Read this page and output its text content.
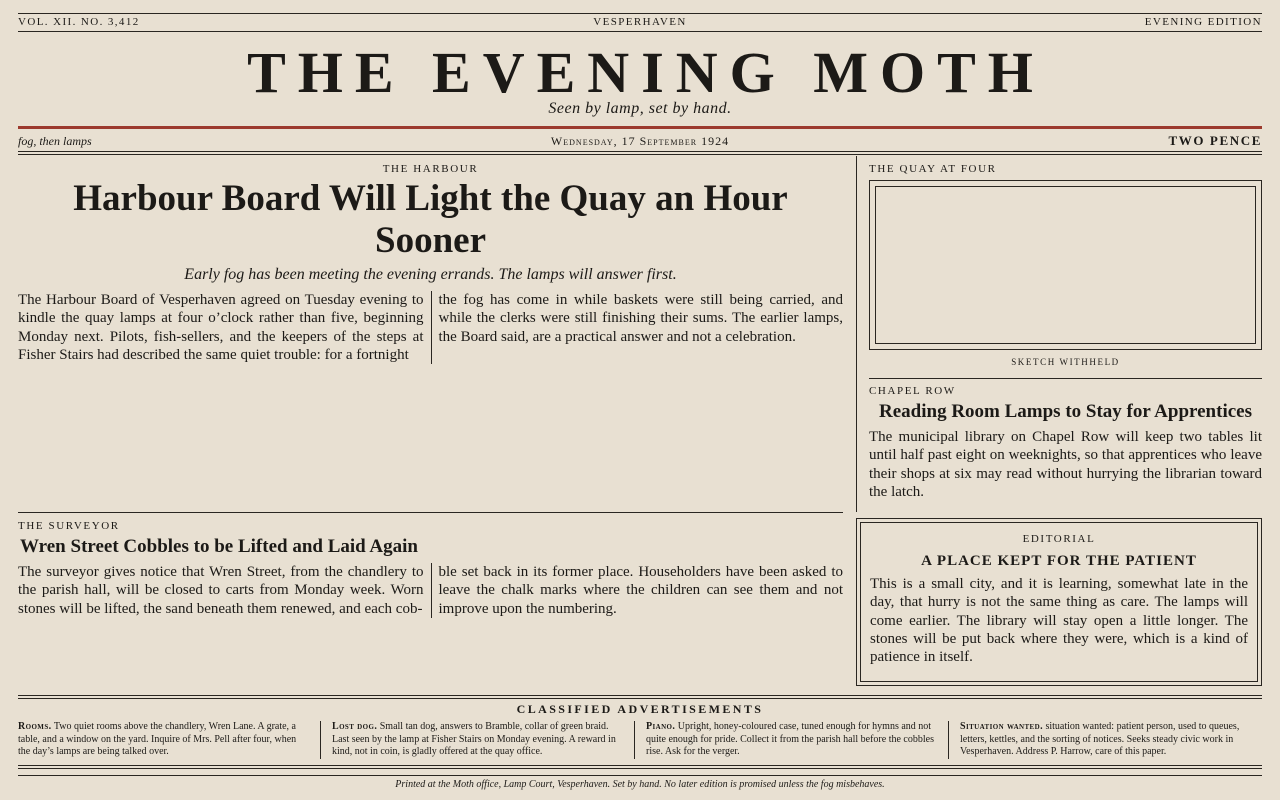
VOL. XII. NO. 3,412	VESPERHAVEN	EVENING EDITION
THE EVENING MOTH
Seen by lamp, set by hand.
fog, then lamps	Wednesday, 17 September 1924	TWO PENCE
THE HARBOUR
Harbour Board Will Light the Quay an Hour Sooner
Early fog has been meeting the evening errands. The lamps will answer first.
The Harbour Board of Vesperhaven agreed on Tuesday evening to kindle the quay lamps at four o’clock rather than five, beginning Monday next. Pilots, fish-sellers, and the keepers of the steps at Fisher Stairs had described the same quiet trouble: for a fortnight
the fog has come in while baskets were still being carried, and while the clerks were still finishing their sums. The earlier lamps, the Board said, are a practical answer and not a celebration.
THE QUAY AT FOUR
SKETCH WITHHELD
CHAPEL ROW
Reading Room Lamps to Stay for Apprentices

The municipal library on Chapel Row will keep two tables lit until half past eight on weeknights, so that apprentices who leave their shops at six may read without hurrying the librarian toward the latch.

THE SURVEYOR
Wren Street Cobbles to be Lifted and Laid Again
The surveyor gives notice that Wren Street, from the chandlery to the parish hall, will be closed to carts from Monday week. Worn stones will be lifted, the sand beneath them renewed, and each cob-
ble set back in its former place. Householders have been asked to leave the chalk marks where the children can see them and not improve upon the numbering.
EDITORIAL
A PLACE KEPT FOR THE PATIENT

This is a small city, and it is learning, somewhat late in the day, that hurry is not the same thing as care. The lamps will come earlier. The library will stay open a little longer. The stones will be put back where they were, which is a kind of patience in itself.

CLASSIFIED ADVERTISEMENTS
Rooms. Two quiet rooms above the chandlery, Wren Lane. A grate, a table, and a window on the yard. Inquire of Mrs. Pell after four, when the day’s lamps are being talked over.
Lost dog. Small tan dog, answers to Bramble, collar of green braid. Last seen by the lamp at Fisher Stairs on Monday evening. A reward in kind, not in coin, is gladly offered at the quay office.
Piano. Upright, honey-coloured case, tuned enough for hymns and not quite enough for pride. Collect it from the parish hall before the cobbles rise. Ask for the verger.
Situation wanted. situation wanted: patient person, used to queues, letters, kettles, and the sorting of notices. Seeks steady civic work in Vesperhaven. Address P. Harrow, care of this paper.
Printed at the Moth office, Lamp Court, Vesperhaven. Set by hand. No later edition is promised unless the fog misbehaves.
